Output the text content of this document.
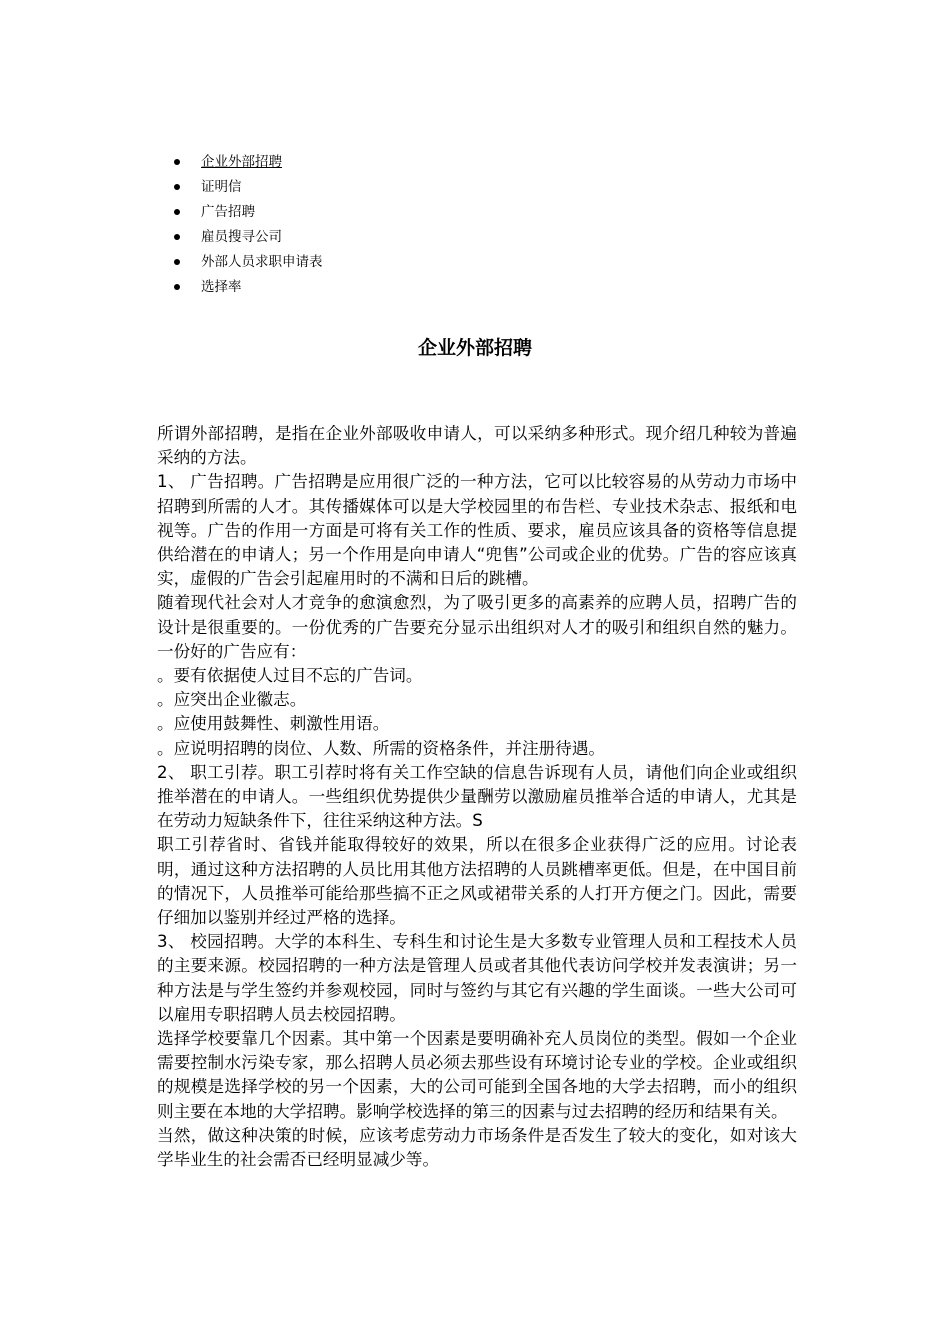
企业外部招聘
证明信
广告招聘
雇员搜寻公司
外部人员求职申请表
选择率
企业外部招聘

所谓外部招聘，是指在企业外部吸收申请人，可以采纳多种形式。现介绍几种较为普遍采纳的方法。

1、 广告招聘。广告招聘是应用很广泛的一种方法，它可以比较容易的从劳动力市场中招聘到所需的人才。其传播媒体可以是大学校园里的布告栏、专业技术杂志、报纸和电视等。广告的作用一方面是可将有关工作的性质、要求，雇员应该具备的资格等信息提供给潜在的申请人；另一个作用是向申请人“兜售”公司或企业的优势。广告的容应该真实，虚假的广告会引起雇用时的不满和日后的跳槽。

随着现代社会对人才竞争的愈演愈烈，为了吸引更多的高素养的应聘人员，招聘广告的设计是很重要的。一份优秀的广告要充分显示出组织对人才的吸引和组织自然的魅力。一份好的广告应有：

。要有依据使人过目不忘的广告词。

。应突出企业徽志。

。应使用鼓舞性、刺激性用语。

。应说明招聘的岗位、人数、所需的资格条件，并注册待遇。

2、 职工引荐。职工引荐时将有关工作空缺的信息告诉现有人员，请他们向企业或组织推举潜在的申请人。一些组织优势提供少量酬劳以激励雇员推举合适的申请人，尤其是在劳动力短缺条件下，往往采纳这种方法。S

职工引荐省时、省钱并能取得较好的效果，所以在很多企业获得广泛的应用。讨论表明，通过这种方法招聘的人员比用其他方法招聘的人员跳槽率更低。但是，在中国目前的情况下，人员推举可能给那些搞不正之风或裙带关系的人打开方便之门。因此，需要仔细加以鉴别并经过严格的选择。

3、 校园招聘。大学的本科生、专科生和讨论生是大多数专业管理人员和工程技术人员的主要来源。校园招聘的一种方法是管理人员或者其他代表访问学校并发表演讲；另一种方法是与学生签约并参观校园，同时与签约与其它有兴趣的学生面谈。一些大公司可以雇用专职招聘人员去校园招聘。

选择学校要靠几个因素。其中第一个因素是要明确补充人员岗位的类型。假如一个企业需要控制水污染专家，那么招聘人员必须去那些设有环境讨论专业的学校。企业或组织的规模是选择学校的另一个因素，大的公司可能到全国各地的大学去招聘，而小的组织则主要在本地的大学招聘。影响学校选择的第三的因素与过去招聘的经历和结果有关。

当然，做这种决策的时候，应该考虑劳动力市场条件是否发生了较大的变化，如对该大学毕业生的社会需否已经明显减少等。
